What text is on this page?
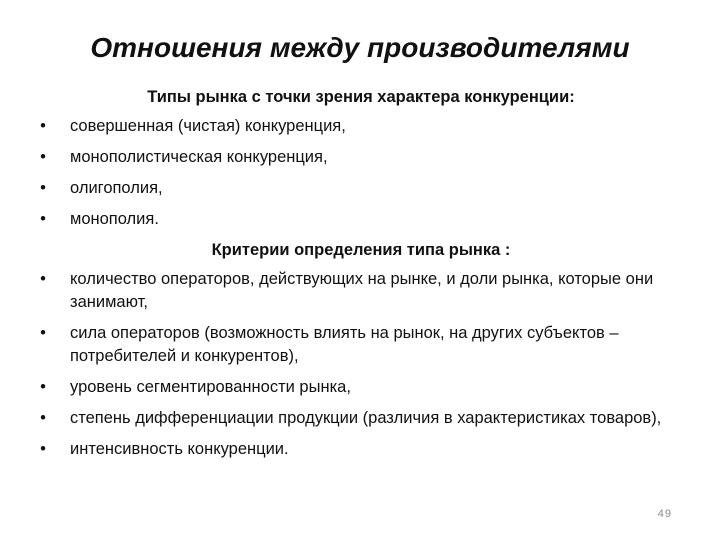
Отношения между производителями

Типы рынка с точки зрения характера конкуренции:

• совершенная (чистая) конкуренция,
• монополистическая конкуренция,
• олигополия,
• монополия.

Критерии определения типа рынка :

• количество операторов, действующих на рынке, и доли рынка, которые они занимают,
• сила операторов (возможность влиять на рынок, на других субъектов – потребителей и конкурентов),
• уровень сегментированности рынка,
• степень дифференциации продукции (различия в характеристиках товаров),
• интенсивность конкуренции.
49
